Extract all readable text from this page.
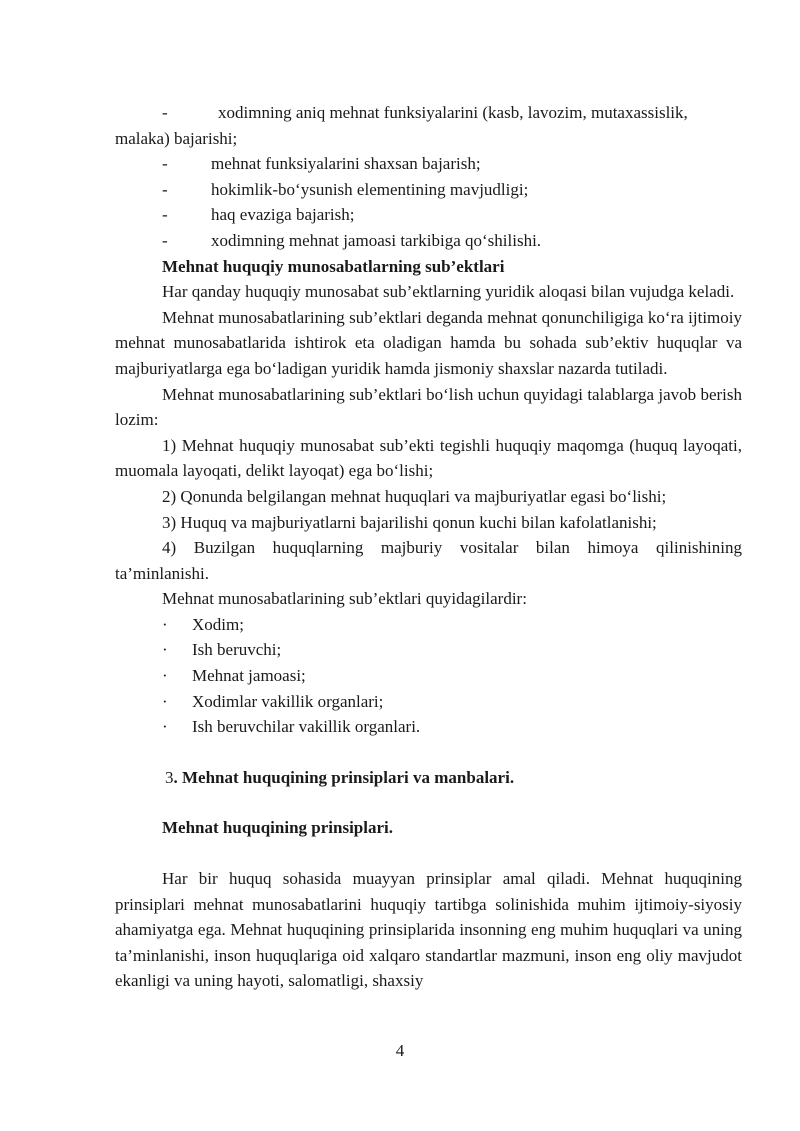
-	xodimning aniq mehnat funksiyalarini (kasb, lavozim, mutaxassislik,

malaka) bajarishi;

-	mehnat funksiyalarini shaxsan bajarish;
-	hokimlik-bo‘ysunish elementining mavjudligi;
-	haq evaziga bajarish;
-	xodimning mehnat jamoasi tarkibiga qo‘shilishi.

Mehnat huquqiy munosabatlarning sub’ektlari

Har qanday huquqiy munosabat sub’ektlarning yuridik aloqasi bilan vujudga keladi.

Mehnat munosabatlarining sub’ektlari deganda mehnat qonunchiligiga ko‘ra ijtimoiy mehnat munosabatlarida ishtirok eta oladigan hamda bu sohada sub’ektiv huquqlar va majburiyatlarga ega bo‘ladigan yuridik hamda jismoniy shaxslar nazarda tutiladi.

Mehnat munosabatlarining sub’ektlari bo‘lish uchun quyidagi talablarga javob berish lozim:

1) Mehnat huquqiy munosabat sub’ekti tegishli huquqiy maqomga (huquq layoqati, muomala layoqati, delikt layoqat) ega bo‘lishi;

2) Qonunda belgilangan mehnat huquqlari va majburiyatlar egasi bo‘lishi;

3) Huquq va majburiyatlarni bajarilishi qonun kuchi bilan kafolatlanishi;

4) Buzilgan huquqlarning majburiy vositalar bilan himoya qilinishining ta’minlanishi.

Mehnat munosabatlarining sub’ektlari quyidagilardir:

·	Xodim;
·	Ish beruvchi;
·	Mehnat jamoasi;
·	Xodimlar vakillik organlari;
·	Ish beruvchilar vakillik organlari.

3. Mehnat huquqining prinsiplari va manbalari.

Mehnat huquqining prinsiplari.

Har bir huquq sohasida muayyan prinsiplar amal qiladi. Mehnat huquqining prinsiplari mehnat munosabatlarini huquqiy tartibga solinishida muhim ijtimoiy-siyosiy ahamiyatga ega. Mehnat huquqining prinsiplarida insonning eng muhim huquqlari va uning ta’minlanishi, inson huquqlariga oid xalqaro standartlar mazmuni, inson eng oliy mavjudot ekanligi va uning hayoti, salomatligi, shaxsiy

4
